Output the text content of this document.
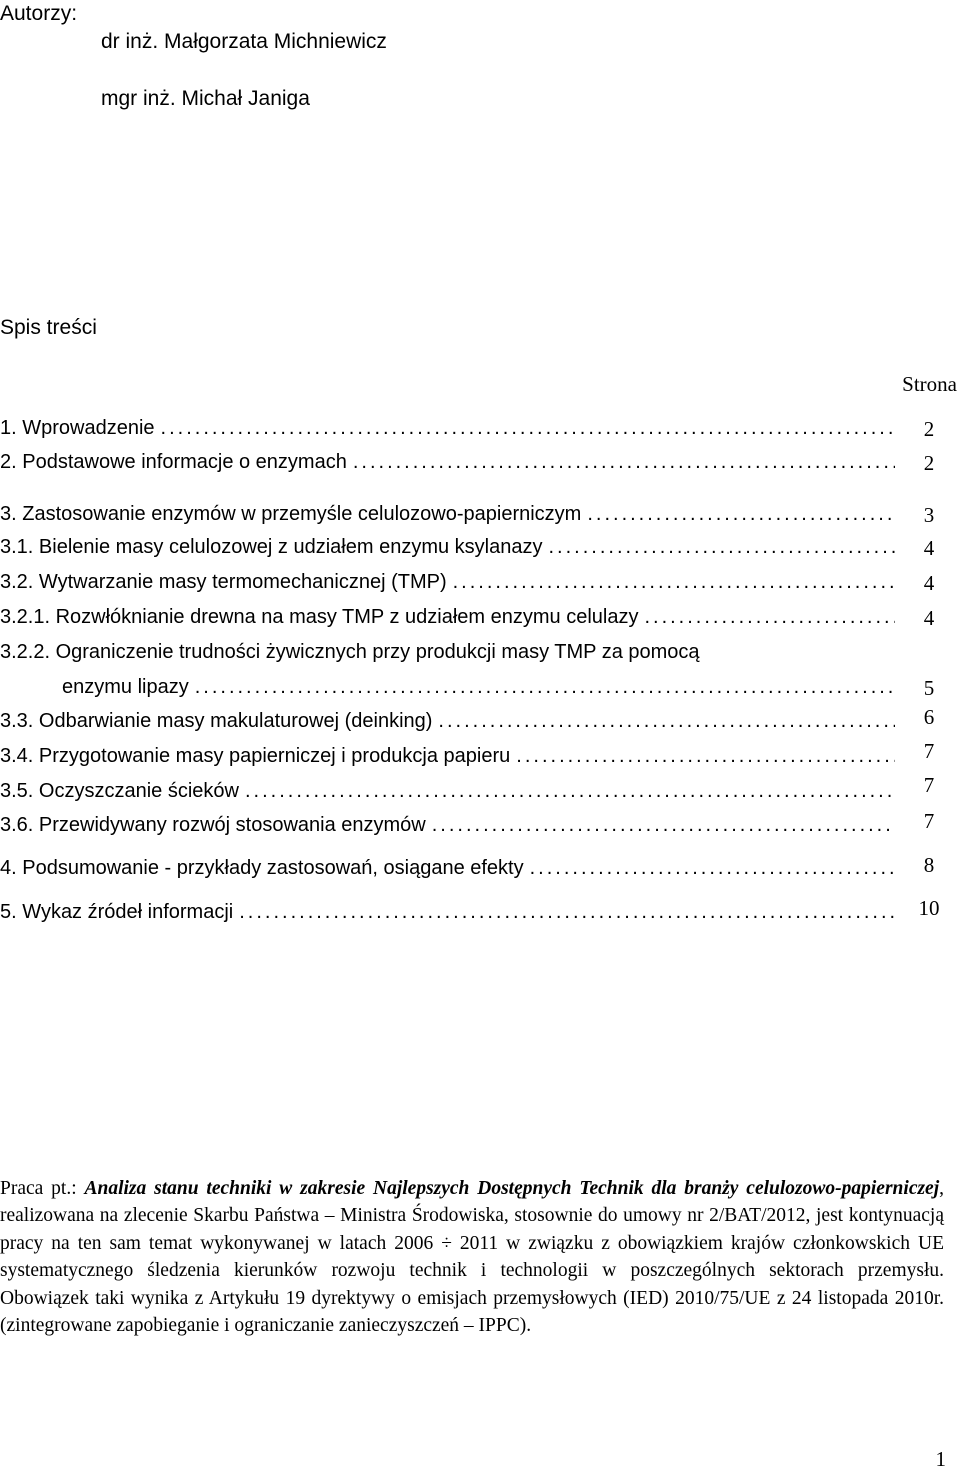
Autorzy:
dr inż. Małgorzata Michniewicz
mgr inż. Michał Janiga
Spis treści
Strona
1. Wprowadzenie .....	2
2. Podstawowe informacje o enzymach .....	2
3. Zastosowanie enzymów w przemyśle celulozowo-papierniczym .....	3
3.1. Bielenie masy celulozowej z udziałem enzymu ksylanazy .....	4
3.2. Wytwarzanie masy termomechanicznej (TMP) .....	4
3.2.1. Rozwłóknianie drewna na masy TMP z udziałem enzymu celulazy .....	4
3.2.2. Ograniczenie trudności żywicznych przy produkcji masy TMP za pomocą
enzymu lipazy .....	5
3.3. Odbarwianie masy makulaturowej (deinking) .....	6
3.4. Przygotowanie masy papierniczej i produkcja papieru .....	7
3.5. Oczyszczanie ścieków .....	7
3.6. Przewidywany rozwój stosowania enzymów .....	7
4. Podsumowanie - przykłady zastosowań, osiągane efekty .....	8
5. Wykaz źródeł informacji .....	10
Praca pt.: Analiza stanu techniki w zakresie Najlepszych Dostępnych Technik dla branży celulozowo-papierniczej, realizowana na zlecenie Skarbu Państwa – Ministra Środowiska, stosownie do umowy nr 2/BAT/2012, jest kontynuacją pracy na ten sam temat wykonywanej w latach 2006 ÷ 2011 w związku z obowiązkiem krajów członkowskich UE systematycznego śledzenia kierunków rozwoju technik i technologii w poszczególnych sektorach przemysłu. Obowiązek taki wynika z Artykułu 19 dyrektywy o emisjach przemysłowych (IED) 2010/75/UE z 24 listopada 2010r. (zintegrowane zapobieganie i ograniczanie zanieczyszczeń – IPPC).
1
